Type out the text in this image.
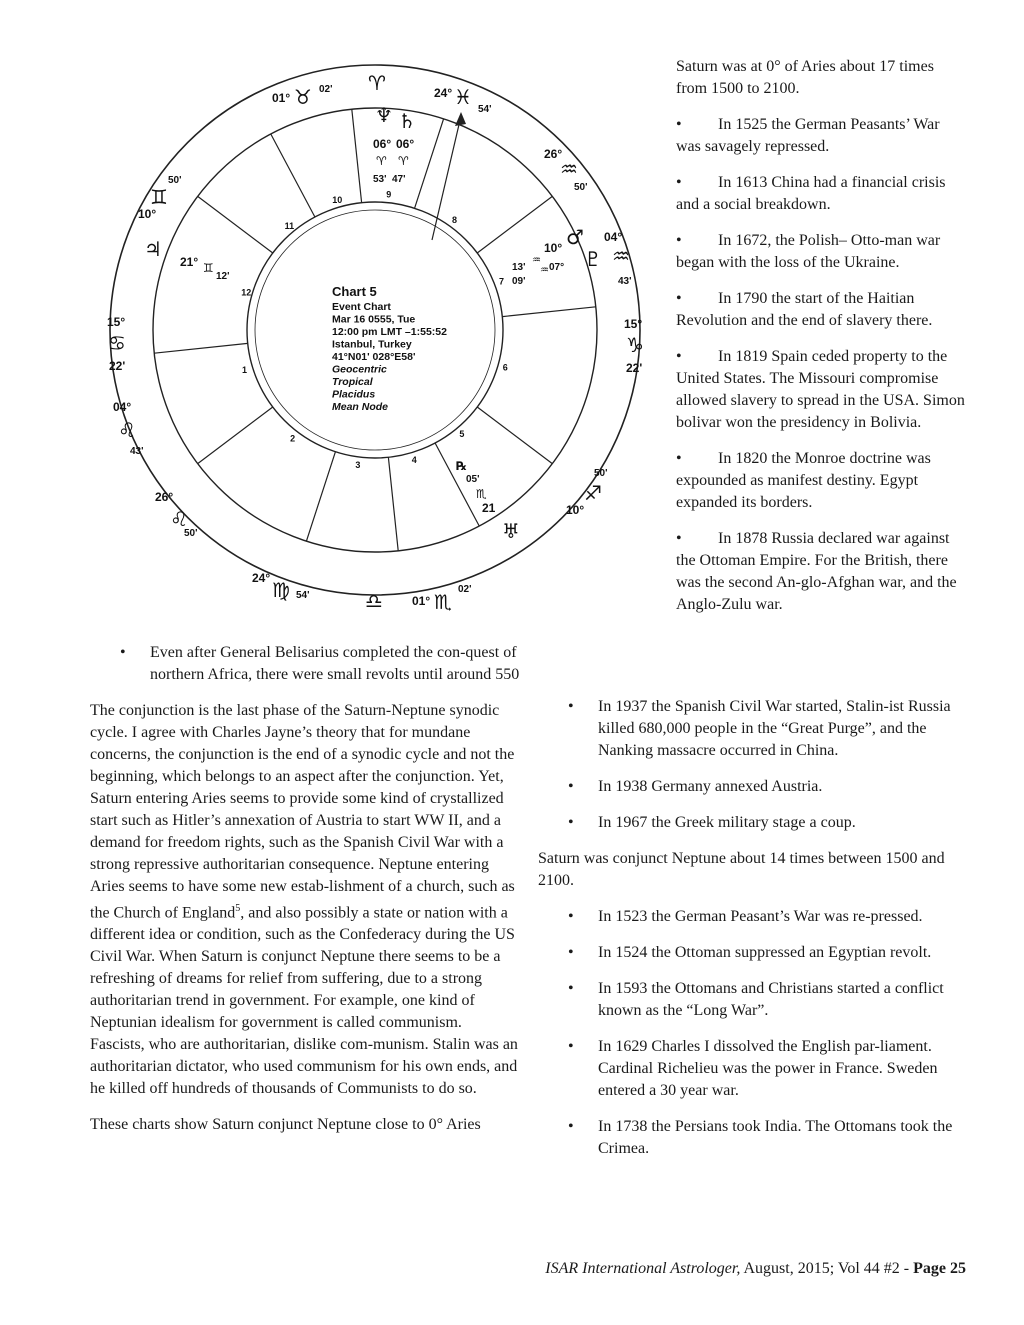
1
2
3	4
5
6
7
8
9
10
11
12
01° ♉ 02' ♈	24° ♓
54'
26°
♒
50'
04°
♒
43'
15°
♑
22'
50'
♐
10°
02'
♏
01°
♎
24° ♍ 54'
26°
♌
50'
04°
♌
43'
15°
♋
22'
50'
♊
10°
♆ ♄
06° 06°
♈ ♈
53' 47'
10° ♂
13'
♒
♒ 07°
09'
♇
♃
21° ♊
12'
℞
05'
♏
21
♅
Chart 5
Event Chart
Mar 16 0555, Tue
12:00 pm LMT –1:55:52
Istanbul, Turkey
41°N01' 028°E58'
Geocentric
Tropical
Placidus
Mean Node
• Even after General Belisarius completed the con-quest of northern Africa, there were small revolts until around 550

The conjunction is the last phase of the Saturn-Neptune synodic cycle. I agree with Charles Jayne’s theory that for mundane concerns, the conjunction is the end of a synodic cycle and not the beginning, which belongs to an aspect after the conjunction. Yet, Saturn entering Aries seems to provide some kind of crystallized start such as Hitler’s annexation of Austria to start WW II, and a demand for freedom rights, such as the Spanish Civil War with a strong repressive authoritarian consequence. Neptune entering Aries seems to have some new estab-lishment of a church, such as the Church of England$^5$, and also possibly a state or nation with a different idea or condition, such as the Confederacy during the US Civil War. When Saturn is conjunct Neptune there seems to be a refreshing of dreams for relief from suffering, due to a strong authoritarian trend in government. For example, one kind of Neptunian idealism for government is called communism. Fascists, who are authoritarian, dislike com-munism. Stalin was an authoritarian dictator, who used communism for his own ends, and he killed off hundreds of thousands of Communists to do so.

These charts show Saturn conjunct Neptune close to 0° Aries

Saturn was at 0° of Aries about 17 times from 1500 to 2100.

• In 1525 the German Peasants’ War was savagely repressed.
• In 1613 China had a financial crisis and a social breakdown.
• In 1672, the Polish– Otto-man war began with the loss of the Ukraine.
• In 1790 the start of the Haitian Revolution and the end of slavery there.
• In 1819 Spain ceded property to the United States. The Missouri compromise allowed slavery to spread in the USA. Simon bolivar won the presidency in Bolivia.
• In 1820 the Monroe doctrine was expounded as manifest destiny. Egypt expanded its borders.
• In 1878 Russia declared war against the Ottoman Empire. For the British, there was the second An-glo-Afghan war, and the Anglo-Zulu war.
• In 1937 the Spanish Civil War started, Stalin-ist Russia killed 680,000 people in the “Great Purge”, and the Nanking massacre occurred in China.
• In 1938 Germany annexed Austria.
• In 1967 the Greek military stage a coup.

Saturn was conjunct Neptune about 14 times between 1500 and 2100.

• In 1523 the German Peasant’s War was re-pressed.
• In 1524 the Ottoman suppressed an Egyptian revolt.
• In 1593 the Ottomans and Christians started a conflict known as the “Long War”.
• In 1629 Charles I dissolved the English par-liament. Cardinal Richelieu was the power in France. Sweden entered a 30 year war.
• In 1738 the Persians took India. The Ottomans took the Crimea.
ISAR International Astrologer, August, 2015; Vol 44 #2 - Page 25
